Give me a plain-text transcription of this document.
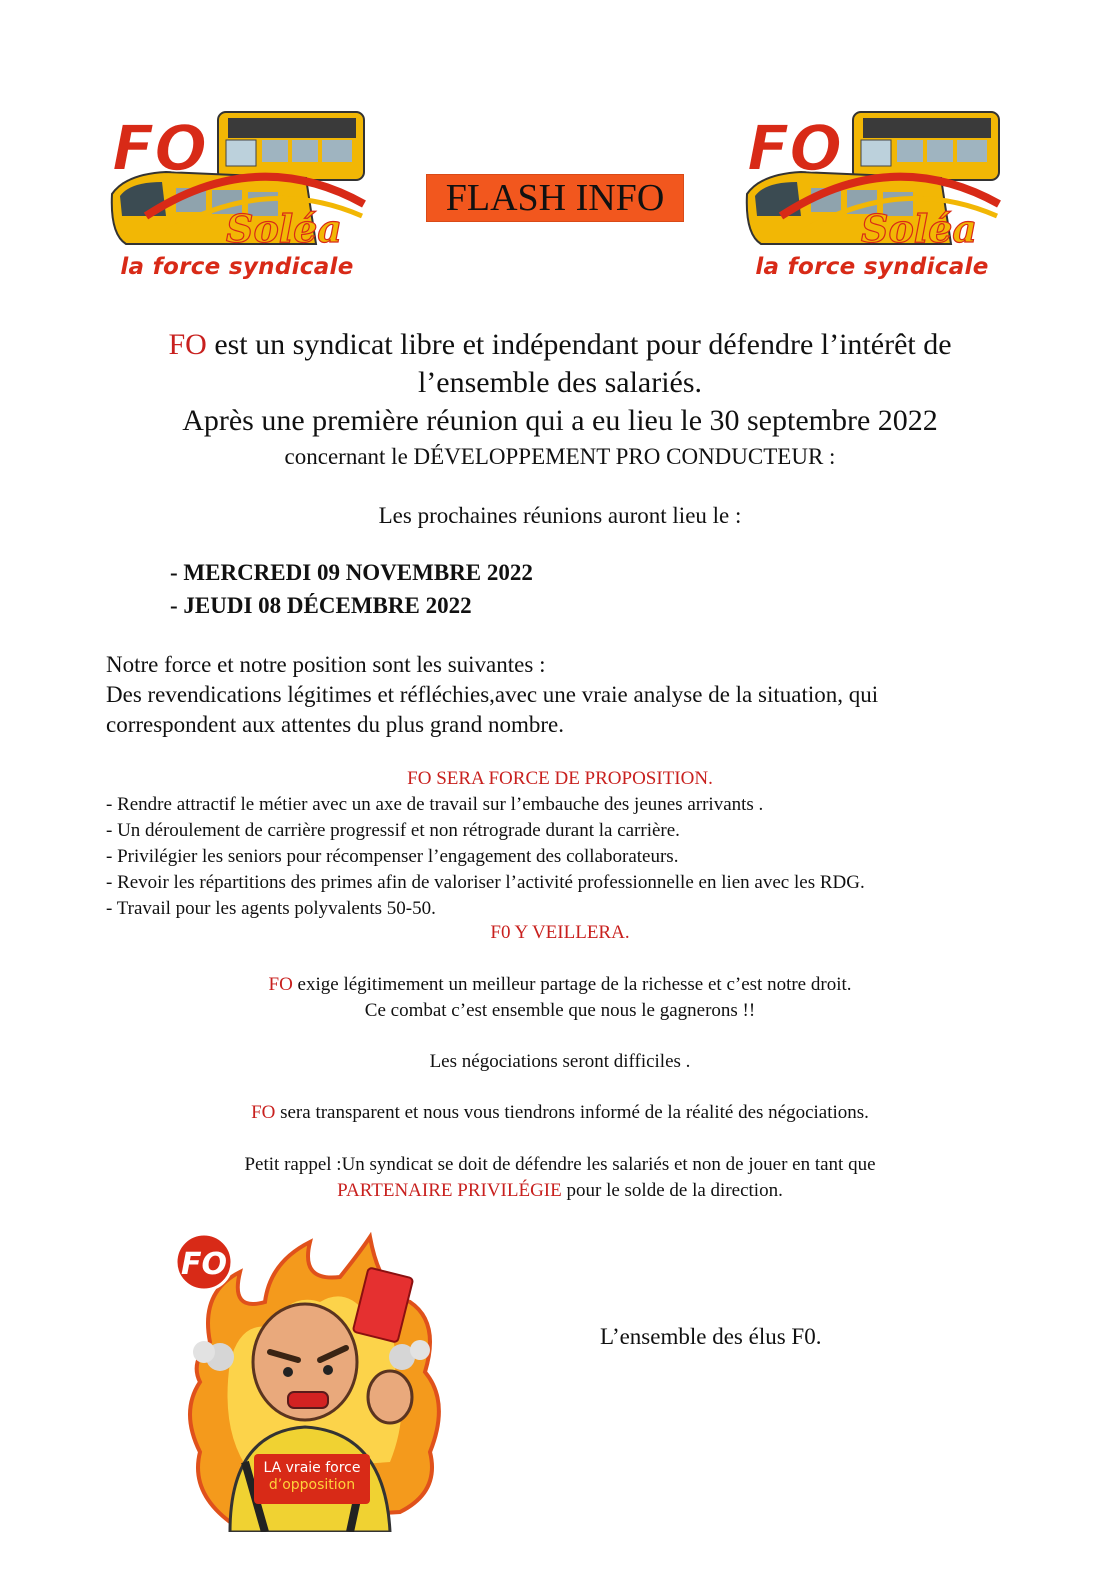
FO
Soléa
la force syndicale
FLASH INFO
FO
Soléa
la force syndicale
FO est un syndicat libre et indépendant pour défendre l’intérêt de
l’ensemble des salariés.
Après une première réunion qui a eu lieu le 30 septembre 2022
concernant le DÉVELOPPEMENT PRO CONDUCTEUR :
Les prochaines réunions auront lieu le :
- MERCREDI 09 NOVEMBRE 2022
- JEUDI 08 DÉCEMBRE 2022
Notre force et notre position sont les suivantes :
Des revendications légitimes et réfléchies,avec une vraie analyse de la situation, qui
correspondent aux attentes du plus grand nombre.
FO SERA FORCE DE PROPOSITION.
- Rendre attractif le métier avec un axe de travail sur l’embauche des jeunes arrivants .
- Un déroulement de carrière progressif et non rétrograde durant la carrière.
- Privilégier les seniors pour récompenser l’engagement des collaborateurs.
- Revoir les répartitions des primes afin de valoriser l’activité professionnelle en lien avec les RDG.
- Travail pour les agents polyvalents 50-50.
F0 Y VEILLERA.
FO exige légitimement un meilleur partage de la richesse et c’est notre droit.
Ce combat c’est ensemble que nous le gagnerons !!
Les négociations seront difficiles .
FO sera transparent et nous vous tiendrons informé de la réalité des négociations.
Petit rappel :Un syndicat se doit de défendre les salariés et non de jouer en tant que
PARTENAIRE PRIVILÉGIE pour le solde de la direction.
FO
LA vraie force
d’opposition
L’ensemble des élus F0.
